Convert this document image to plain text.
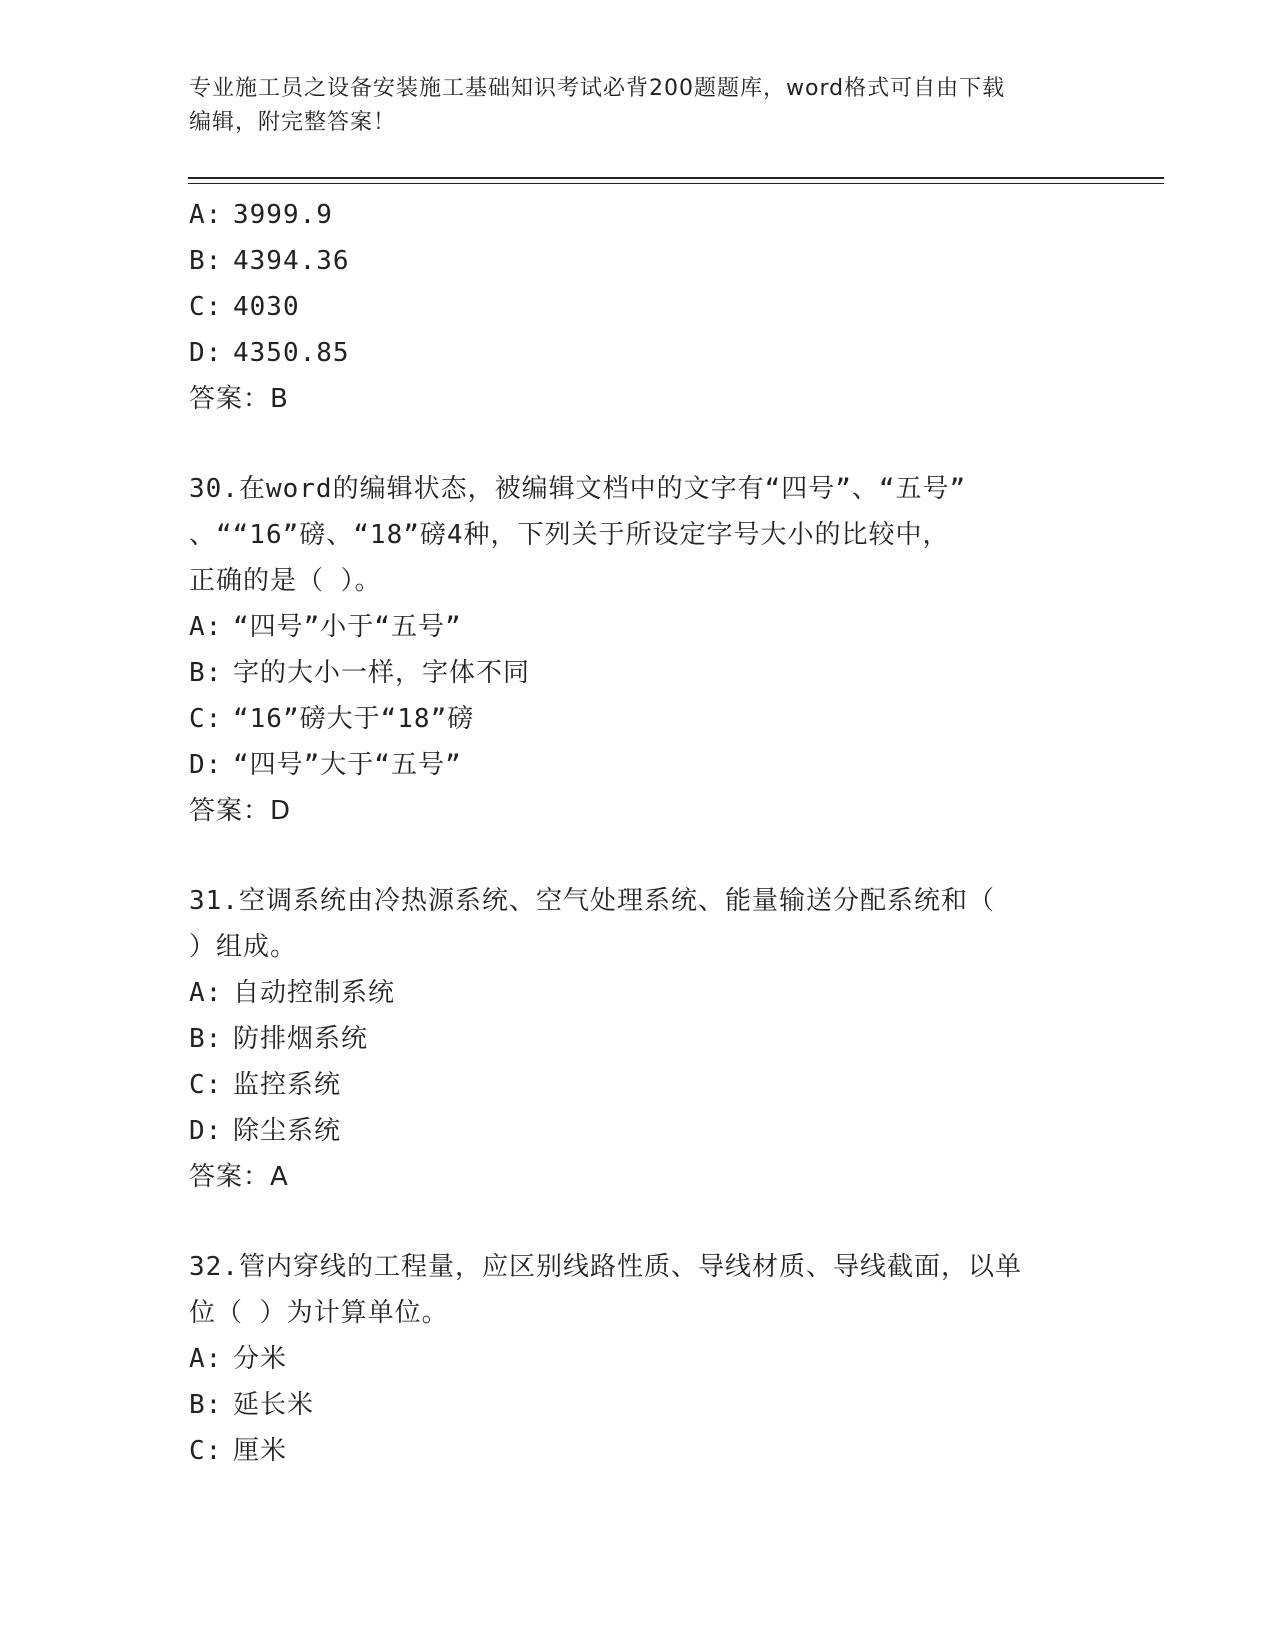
专业施工员之设备安装施工基础知识考试必背200题题库，word格式可自由下载
编辑，附完整答案！
A: 3999.9
B: 4394.36
C: 4030
D: 4350.85
答案：B
30.在word的编辑状态，被编辑文档中的文字有“四号”、“五号”
、““16”磅、“18”磅4种，下列关于所设定字号大小的比较中，
正确的是（ ）。
A: “四号”小于“五号”
B: 字的大小一样，字体不同
C: “16”磅大于“18”磅
D: “四号”大于“五号”
答案：D
31.空调系统由冷热源系统、空气处理系统、能量输送分配系统和（
）组成。
A: 自动控制系统
B: 防排烟系统
C: 监控系统
D: 除尘系统
答案：A
32.管内穿线的工程量，应区别线路性质、导线材质、导线截面，以单
位（ ）为计算单位。
A: 分米
B: 延长米
C: 厘米
